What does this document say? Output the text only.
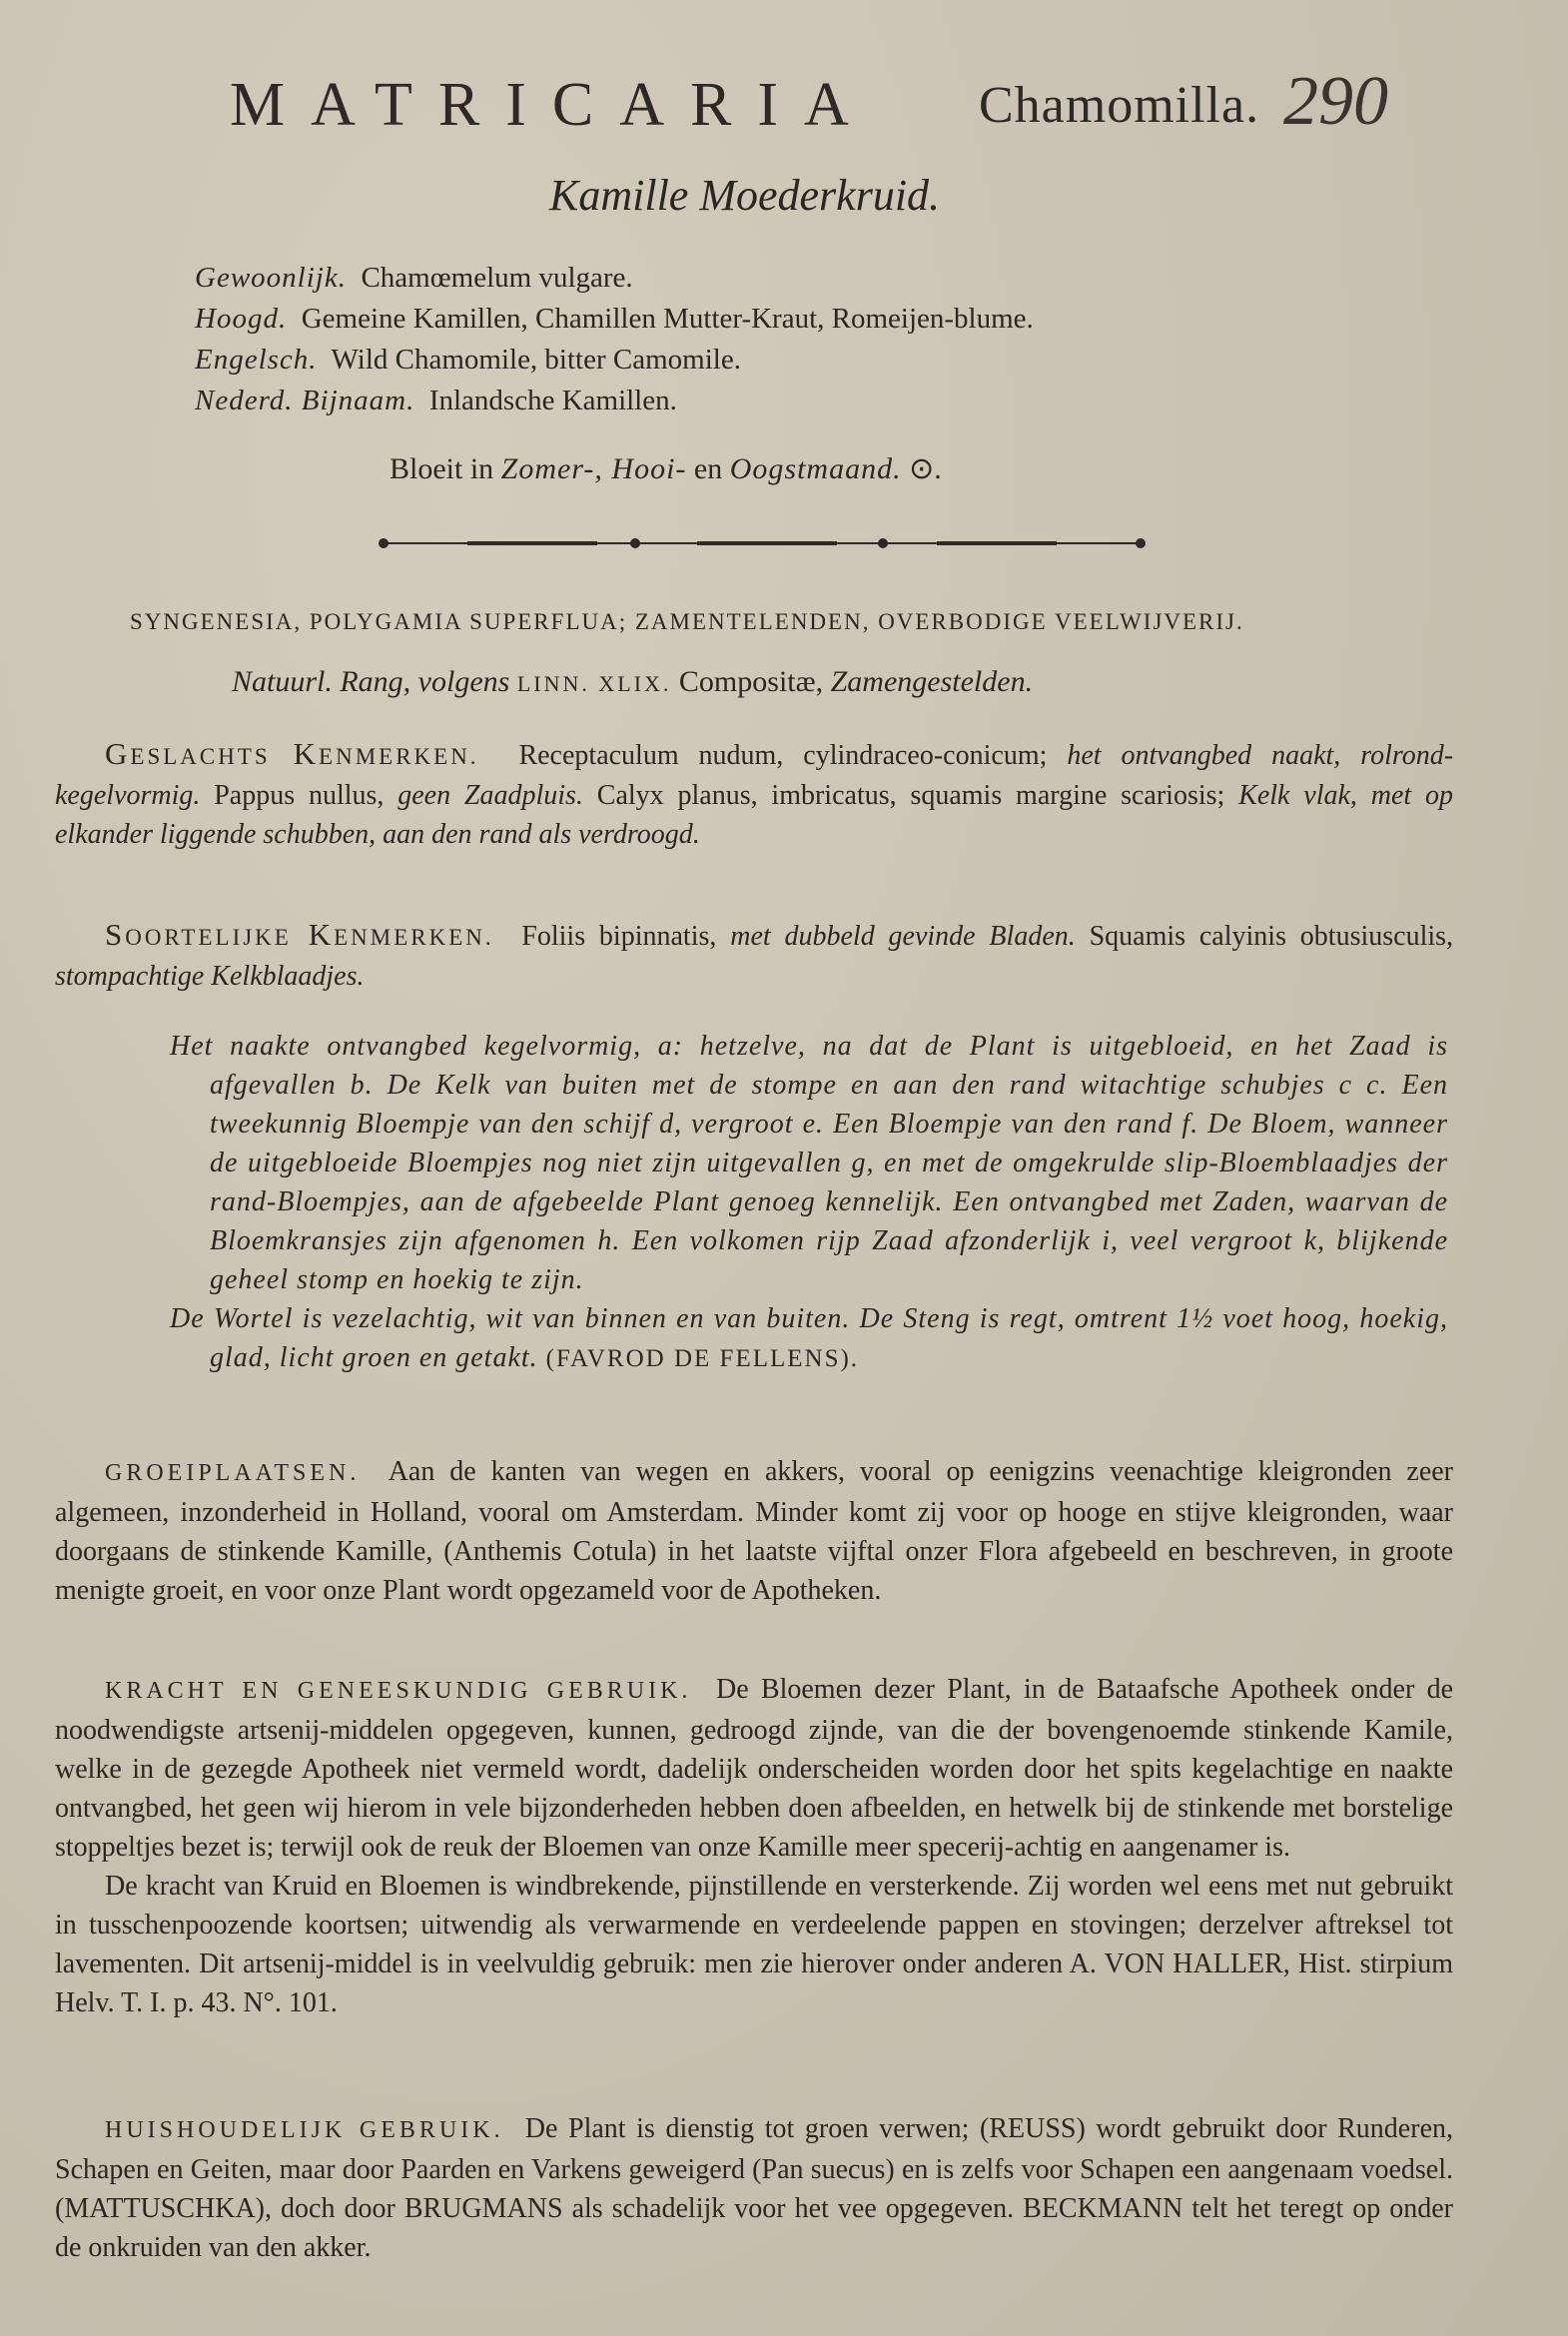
MATRICARIA Chamomilla. 290
Kamille Moederkruid.
Gewoonlijk. Chamœmelum vulgare.
Hoogd. Gemeine Kamillen, Chamillen Mutter-Kraut, Romeijen-blume.
Engelsch. Wild Chamomile, bitter Camomile.
Nederd. Bijnaam. Inlandsche Kamillen.
Bloeit in Zomer-, Hooi- en Oogstmaand. ⊙.
SYNGENESIA, POLYGAMIA SUPERFLUA; ZAMENTELENDEN, OVERBODIGE VEELWIJVERIJ.
Natuurl. Rang, volgens LINN. XLIX. Compositæ, Zamengestelden.

GESLACHTS KENMERKEN. Receptaculum nudum, cylindraceo-conicum; het ontvangbed naakt, rolrond-kegelvormig. Pappus nullus, geen Zaadpluis. Calyx planus, imbricatus, squamis margine scariosis; Kelk vlak, met op elkander liggende schubben, aan den rand als verdroogd.

SOORTELIJKE KENMERKEN. Foliis bipinnatis, met dubbeld gevinde Bladen. Squamis calyinis obtusiusculis, stompachtige Kelkblaadjes.

Het naakte ontvangbed kegelvormig, a: hetzelve, na dat de Plant is uitgebloeid, en het Zaad is afgevallen b. De Kelk van buiten met de stompe en aan den rand witachtige schubjes c c. Een tweekunnig Bloempje van den schijf d, vergroot e. Een Bloempje van den rand f. De Bloem, wanneer de uitgebloeide Bloempjes nog niet zijn uitgevallen g, en met de omgekrulde slip-Bloemblaadjes der rand-Bloempjes, aan de afgebeelde Plant genoeg kennelijk. Een ontvangbed met Zaden, waarvan de Bloemkransjes zijn afgenomen h. Een volkomen rijp Zaad afzonderlijk i, veel vergroot k, blijkende geheel stomp en hoekig te zijn.

De Wortel is vezelachtig, wit van binnen en van buiten. De Steng is regt, omtrent 1½ voet hoog, hoekig, glad, licht groen en getakt. (FAVROD DE FELLENS).

GROEIPLAATSEN. Aan de kanten van wegen en akkers, vooral op eenigzins veenachtige kleigronden zeer algemeen, inzonderheid in Holland, vooral om Amsterdam. Minder komt zij voor op hooge en stijve kleigronden, waar doorgaans de stinkende Kamille, (Anthemis Cotula) in het laatste vijftal onzer Flora afgebeeld en beschreven, in groote menigte groeit, en voor onze Plant wordt opgezameld voor de Apotheken.

KRACHT EN GENEESKUNDIG GEBRUIK. De Bloemen dezer Plant, in de Bataafsche Apotheek onder de noodwendigste artsenij-middelen opgegeven, kunnen, gedroogd zijnde, van die der bovengenoemde stinkende Kamile, welke in de gezegde Apotheek niet vermeld wordt, dadelijk onderscheiden worden door het spits kegelachtige en naakte ontvangbed, het geen wij hierom in vele bijzonderheden hebben doen afbeelden, en hetwelk bij de stinkende met borstelige stoppeltjes bezet is; terwijl ook de reuk der Bloemen van onze Kamille meer specerij-achtig en aangenamer is.

De kracht van Kruid en Bloemen is windbrekende, pijnstillende en versterkende. Zij worden wel eens met nut gebruikt in tusschenpoozende koortsen; uitwendig als verwarmende en verdeelende pappen en stovingen; derzelver aftreksel tot lavementen. Dit artsenij-middel is in veelvuldig gebruik: men zie hierover onder anderen A. VON HALLER, Hist. stirpium Helv. T. I. p. 43. N°. 101.

HUISHOUDELIJK GEBRUIK. De Plant is dienstig tot groen verwen; (REUSS) wordt gebruikt door Runderen, Schapen en Geiten, maar door Paarden en Varkens geweigerd (Pan suecus) en is zelfs voor Schapen een aangenaam voedsel. (MATTUSCHKA), doch door BRUGMANS als schadelijk voor het vee opgegeven. BECKMANN telt het teregt op onder de onkruiden van den akker.
